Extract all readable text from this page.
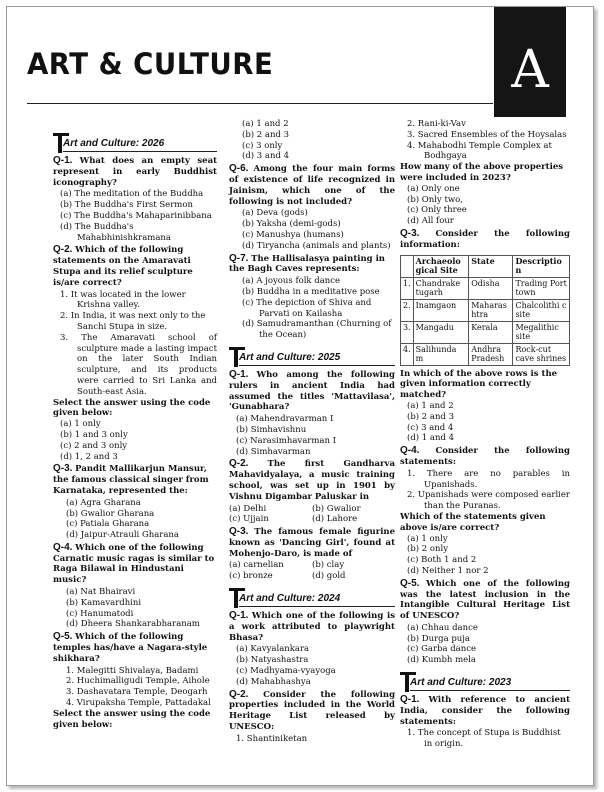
ART & CULTURE	A
Art and Culture: 2026
Q-1. What does an empty seat represent in early Buddhist iconography?

(a) The meditation of the Buddha

(b) The Buddha's First Sermon

(c) The Buddha's Mahaparinibbana

(d) The Buddha's Mahabhinishkramana

Q-2. Which of the following statements on the Amaravati Stupa and its relief sculpture is/are correct?

1. It was located in the lower Krishna valley.

2. In India, it was next only to the Sanchi Stupa in size.

3. The Amaravati school of sculpture made a lasting impact on the later South Indian sculpture, and its products were carried to Sri Lanka and South-east Asia.

Select the answer using the code given below:

(a) 1 only

(b) 1 and 3 only

(c) 2 and 3 only

(d) 1, 2 and 3

Q-3. Pandit Mallikarjun Mansur, the famous classical singer from Karnataka, represented the:

(a) Agra Gharana

(b) Gwalior Gharana

(c) Patiala Gharana

(d) Jaipur-Atrauli Gharana

Q-4. Which one of the following Carnatic music ragas is similar to Raga Bilawal in Hindustani music?

(a) Nat Bhairavi

(b) Kamavardhini

(c) Hanumatodi

(d) Dheera Shankarabharanam

Q-5. Which of the following temples has/have a Nagara-style shikhara?

1. Malegitti Shivalaya, Badami

2. Huchimalligudi Temple, Aihole

3. Dashavatara Temple, Deogarh

4. Virupaksha Temple, Pattadakal

Select the answer using the code given below:

(a) 1 and 2

(b) 2 and 3

(c) 3 only

(d) 3 and 4

Q-6. Among the four main forms of existence of life recognized in Jainism, which one of the following is not included?

(a) Deva (gods)

(b) Yaksha (demi-gods)

(c) Manushya (humans)

(d) Tiryancha (animals and plants)

Q-7. The Hallisalasya painting in the Bagh Caves represents:

(a) A joyous folk dance

(b) Buddha in a meditative pose

(c) The depiction of Shiva and Parvati on Kailasha

(d) Samudramanthan (Churning of the Ocean)

Art and Culture: 2025
Q-1. Who among the following rulers in ancient India had assumed the titles 'Mattavilasa', 'Gunabhara?

(a) Mahendravarman I

(b) Simhavishnu

(c) Narasimhavarman I

(d) Simhavarman

Q-2. The first Gandharva Mahavidyalaya, a music training school, was set up in 1901 by Vishnu Digambar Paluskar in
(a) Delhi	(b) Gwalior
(c) Ujjain	(d) Lahore
Q-3. The famous female figurine known as 'Dancing Girl', found at Mohenjo-Daro, is made of
(a) carnelian	(b) clay
(c) bronze	(d) gold
Art and Culture: 2024
Q-1. Which one of the following is a work attributed to playwright Bhasa?

(a) Kavyalankara

(b) Natyashastra

(c) Madhyama-vyayoga

(d) Mahabhashya

Q-2. Consider the following properties included in the World Heritage List released by UNESCO:

1. Shantiniketan

2. Rani-ki-Vav

3. Sacred Ensembles of the Hoysalas

4. Mahabodhi Temple Complex at Bodhgaya

How many of the above properties were included in 2023?

(a) Only one

(b) Only two,

(c) Only three

(d) All four

Q-3. Consider the following information:
	Archaeolo gical Site	State	Descriptio n
1.	Chandrake tugarh	Odisha	Trading Port town
2.	Inamgaon	Maharas htra	Chalcolithi c site
3.	Mangadu	Kerala	Megalithic site
4.	Salihunda m	Andhra Pradesh	Rock-cut cave shrines

In which of the above rows is the given information correctly matched?

(a) 1 and 2

(b) 2 and 3

(c) 3 and 4

(d) 1 and 4

Q-4. Consider the following statements:

1. There are no parables in Upanishads.

2. Upanishads were composed earlier than the Puranas.

Which of the statements given above is/are correct?

(a) 1 only

(b) 2 only

(c) Both 1 and 2

(d) Neither 1 nor 2

Q-5. Which one of the following was the latest inclusion in the Intangible Cultural Heritage List of UNESCO?

(a) Chhau dance

(b) Durga puja

(c) Garba dance

(d) Kumbh mela

Art and Culture: 2023
Q-1. With reference to ancient India, consider the following statements:

1. The concept of Stupa is Buddhist in origin.
